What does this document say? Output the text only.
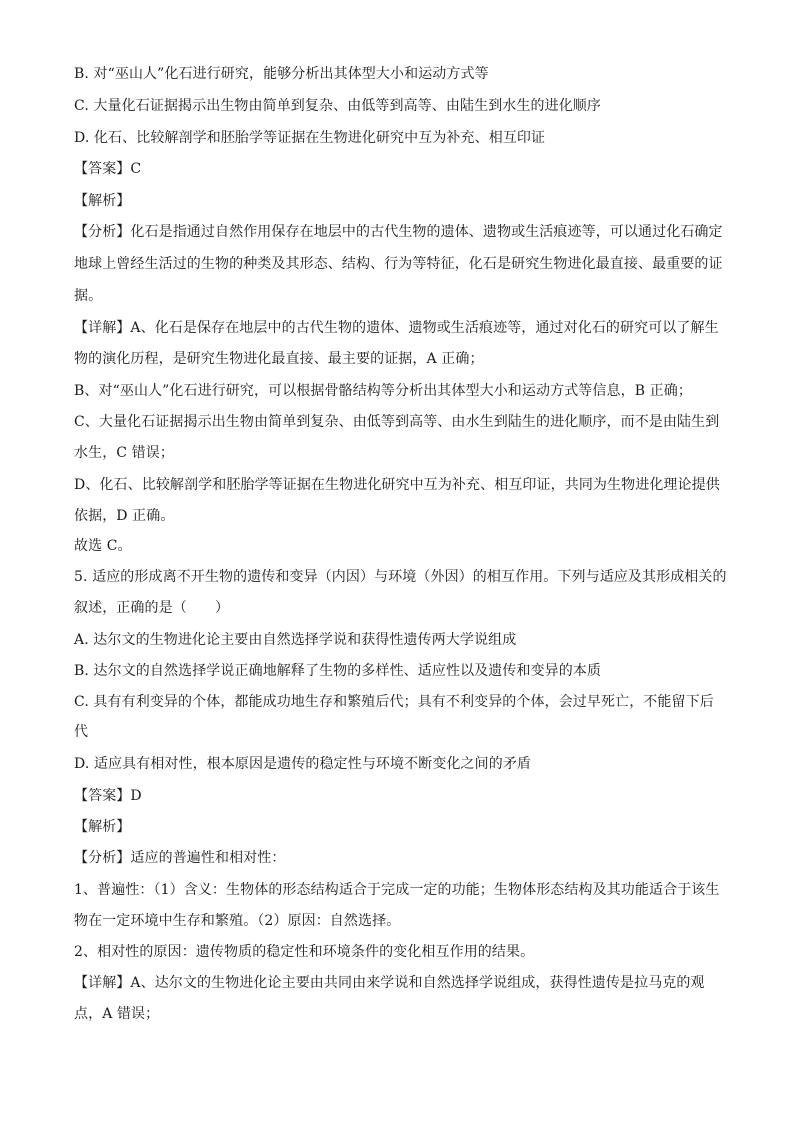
B. 对“巫山人”化石进行研究，能够分析出其体型大小和运动方式等
C. 大量化石证据揭示出生物由简单到复杂、由低等到高等、由陆生到水生的进化顺序
D. 化石、比较解剖学和胚胎学等证据在生物进化研究中互为补充、相互印证
【答案】C
【解析】
【分析】化石是指通过自然作用保存在地层中的古代生物的遗体、遗物或生活痕迹等，可以通过化石确定
地球上曾经生活过的生物的种类及其形态、结构、行为等特征，化石是研究生物进化最直接、最重要的证
据。
【详解】A、化石是保存在地层中的古代生物的遗体、遗物或生活痕迹等，通过对化石的研究可以了解生
物的演化历程，是研究生物进化最直接、最主要的证据，A 正确；
B、对“巫山人”化石进行研究，可以根据骨骼结构等分析出其体型大小和运动方式等信息，B 正确；
C、大量化石证据揭示出生物由简单到复杂、由低等到高等、由水生到陆生的进化顺序，而不是由陆生到
水生，C 错误；
D、化石、比较解剖学和胚胎学等证据在生物进化研究中互为补充、相互印证，共同为生物进化理论提供
依据，D 正确。
故选 C。
5. 适应的形成离不开生物的遗传和变异（内因）与环境（外因）的相互作用。下列与适应及其形成相关的
叙述，正确的是（　　）
A. 达尔文的生物进化论主要由自然选择学说和获得性遗传两大学说组成
B. 达尔文的自然选择学说正确地解释了生物的多样性、适应性以及遗传和变异的本质
C. 具有有利变异的个体，都能成功地生存和繁殖后代；具有不利变异的个体，会过早死亡，不能留下后
代
D. 适应具有相对性，根本原因是遗传的稳定性与环境不断变化之间的矛盾
【答案】D
【解析】
【分析】适应的普遍性和相对性：
1、普遍性：（1）含义：生物体的形态结构适合于完成一定的功能；生物体形态结构及其功能适合于该生
物在一定环境中生存和繁殖。（2）原因：自然选择。
2、相对性的原因：遗传物质的稳定性和环境条件的变化相互作用的结果。
【详解】A、达尔文的生物进化论主要由共同由来学说和自然选择学说组成，获得性遗传是拉马克的观
点，A 错误；
